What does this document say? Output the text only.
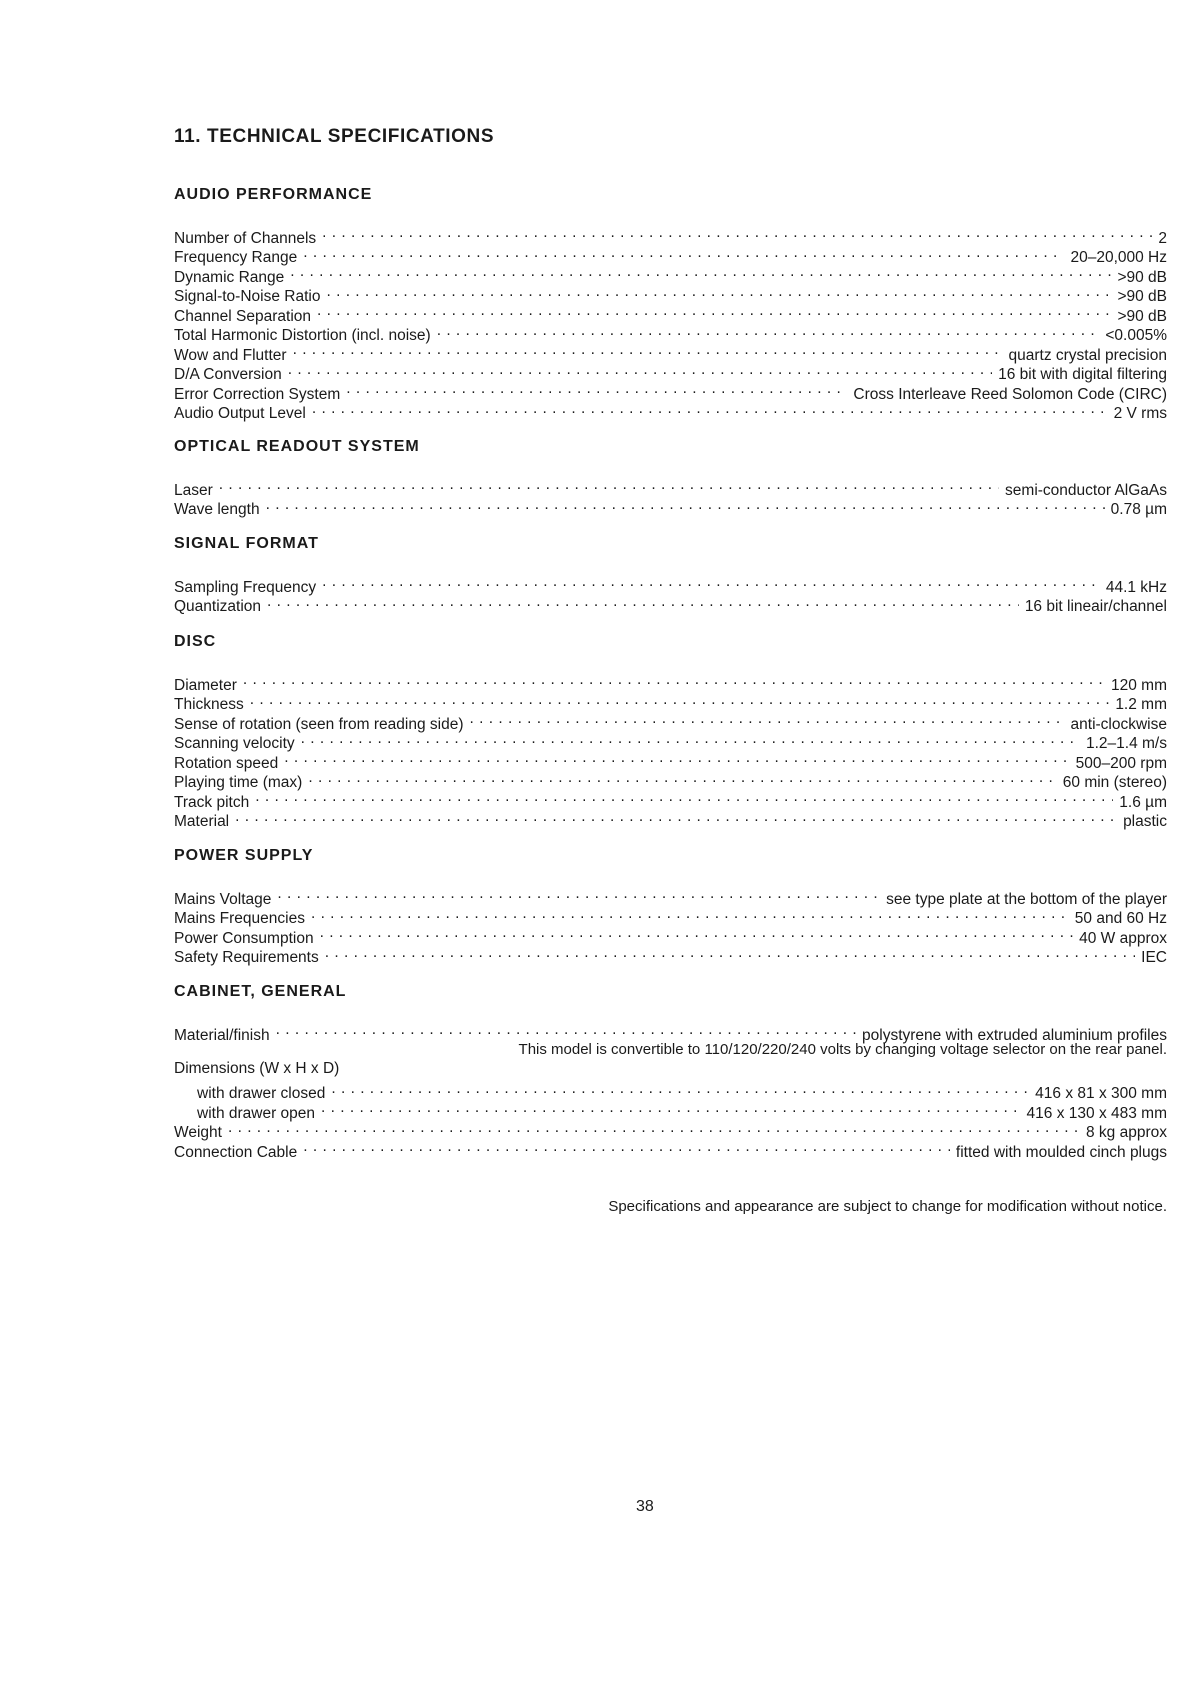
11. TECHNICAL SPECIFICATIONS
AUDIO PERFORMANCE
Number of Channels . . .	2
Frequency Range . . .	20–20,000 Hz
Dynamic Range . . .	>90 dB
Signal-to-Noise Ratio . . .	>90 dB
Channel Separation . . .	>90 dB
Total Harmonic Distortion (incl. noise) . . .	<0.005%
Wow and Flutter . . .	quartz crystal precision
D/A Conversion . . .	16 bit with digital filtering
Error Correction System . . .	Cross Interleave Reed Solomon Code (CIRC)
Audio Output Level . . .	2 V rms
OPTICAL READOUT SYSTEM
Laser . . .	semi-conductor AlGaAs
Wave length . . .	0.78 µm
SIGNAL FORMAT
Sampling Frequency . . .	44.1 kHz
Quantization . . .	16 bit lineair/channel
DISC
Diameter . . .	120 mm
Thickness . . .	1.2 mm
Sense of rotation (seen from reading side) . . .	anti-clockwise
Scanning velocity . . .	1.2–1.4 m/s
Rotation speed . . .	500–200 rpm
Playing time (max) . . .	60 min (stereo)
Track pitch . . .	1.6 µm
Material . . .	plastic
POWER SUPPLY
Mains Voltage . . .	see type plate at the bottom of the player
Mains Frequencies . . .	50 and 60 Hz
Power Consumption . . .	40 W approx
Safety Requirements . . .	IEC
CABINET, GENERAL
Material/finish . . .	polystyrene with extruded aluminium profiles
This model is convertible to 110/120/220/240 volts by changing voltage selector on the rear panel.
Dimensions (W x H x D)
with drawer closed . . .	416 x 81 x 300 mm
with drawer open . . .	416 x 130 x 483 mm
Weight . . .	8 kg approx
Connection Cable . . .	fitted with moulded cinch plugs

Specifications and appearance are subject to change for modification without notice.

38
